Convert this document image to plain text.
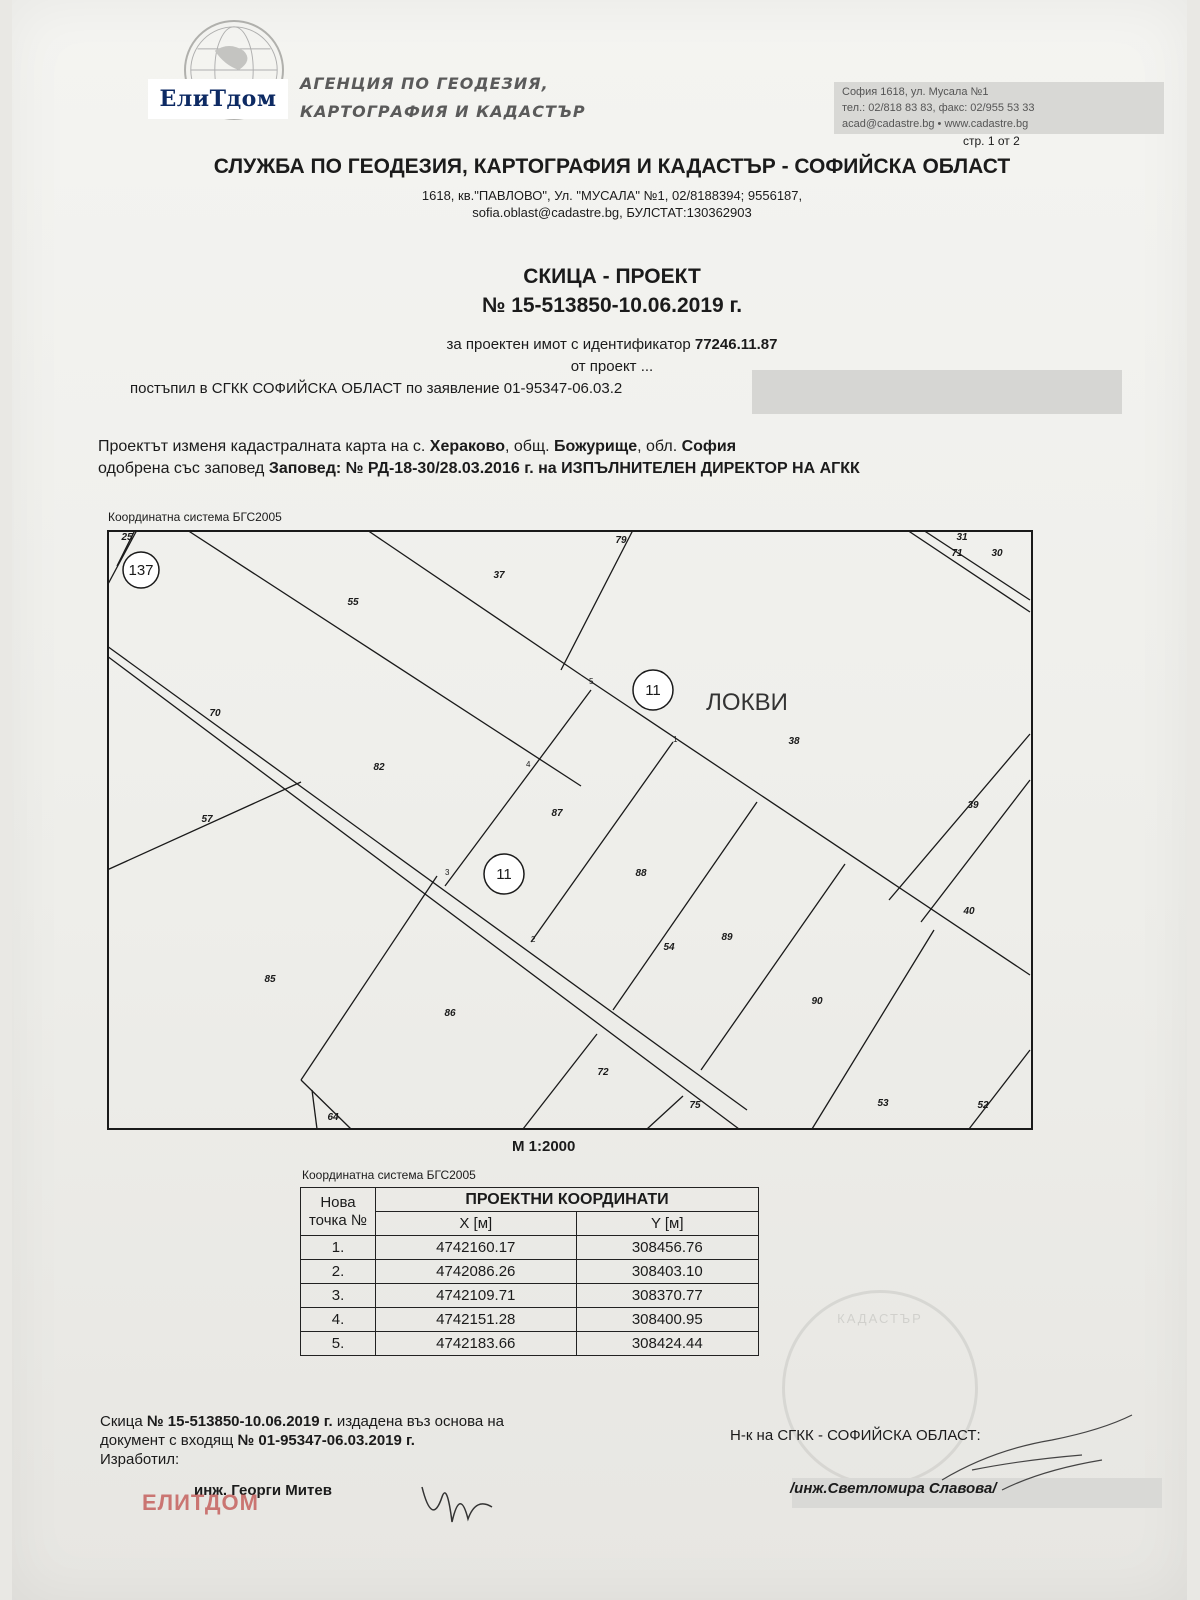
ЕлиТдом
АГЕНЦИЯ ПО ГЕОДЕЗИЯ,
КАРТОГРАФИЯ И КАДАСТЪР
София 1618, ул. Мусала №1
тел.: 02/818 83 83, факс: 02/955 53 33
acad@cadastre.bg • www.cadastre.bg
стр. 1 от 2
СЛУЖБА ПО ГЕОДЕЗИЯ, КАРТОГРАФИЯ И КАДАСТЪР - СОФИЙСКА ОБЛАСТ
1618, кв."ПАВЛОВО", Ул. "МУСАЛА" №1, 02/8188394; 9556187,
sofia.oblast@cadastre.bg, БУЛСТАТ:130362903
СКИЦА - ПРОЕКТ
№ 15-513850-10.06.2019 г.
за проектен имот с идентификатор 77246.11.87
от проект ...
постъпил в СГКК СОФИЙСКА ОБЛАСТ по заявление 01-95347-06.03.2
Проектът изменя кадастралната карта на с. Хераково, общ. Божурище, обл. София
одобрена със заповед Заповед: № РД-18-30/28.03.2016 г. на ИЗПЪЛНИТЕЛЕН ДИРЕКТОР НА АГКК
Координатна система БГС2005
137
11
11
ЛОКВИ
25	79
37
31
71	30
55
70
82
57
87
88
38
39
40
89
54
90
85
86
72
75	53	52
64
1
2
3
4
5
М 1:2000
Координатна система БГС2005
Нова
точка №	ПРОЕКТНИ КООРДИНАТИ	
	X [м]	Y [м]
1.	4742160.17	308456.76
2.	4742086.26	308403.10
3.	4742109.71	308370.77
4.	4742151.28	308400.95
5.	4742183.66	308424.44
КАДАСТЪР
Скица № 15-513850-10.06.2019 г. издадена въз основа на
документ с входящ № 01-95347-06.03.2019 г.
Изработил:
инж. Георги Митев
ЕЛИТДОМ
Н-к на СГКК - СОФИЙСКА ОБЛАСТ:
/инж.Светломира Славова/
